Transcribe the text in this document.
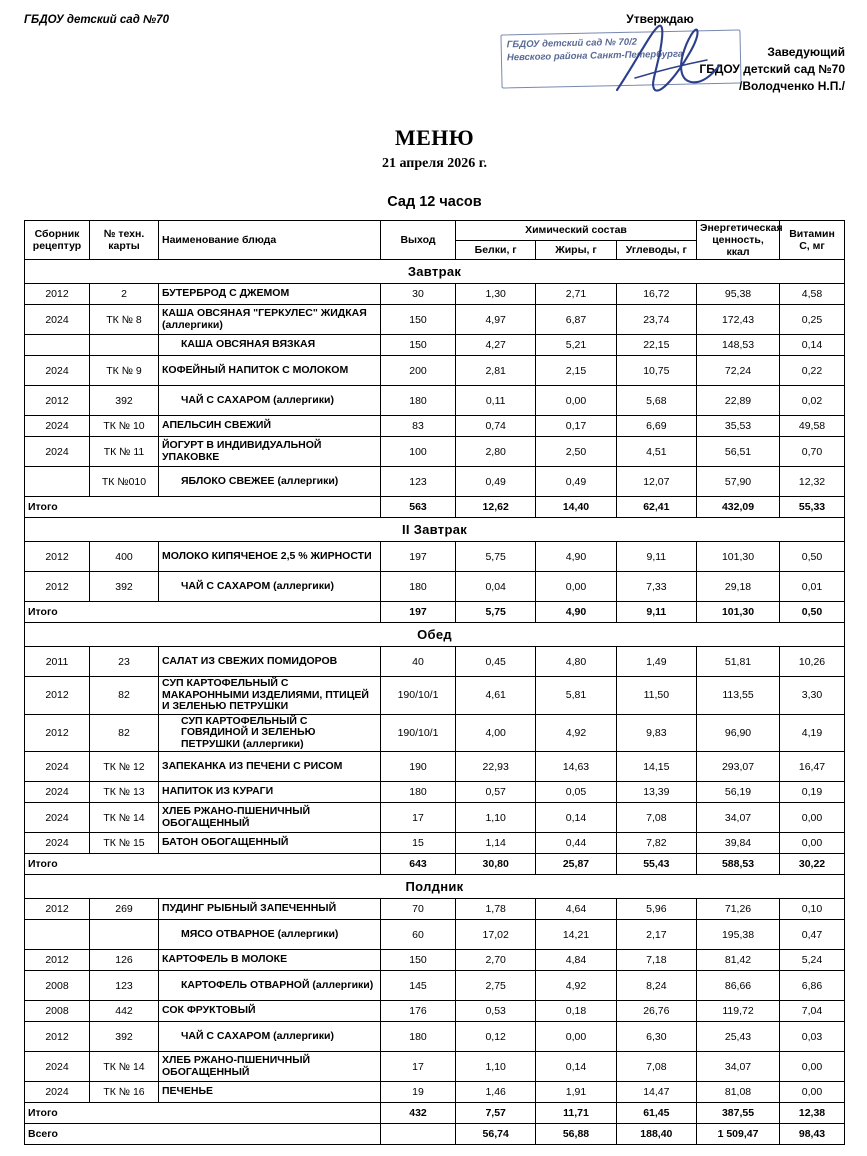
ГБДОУ детский сад №70	Утверждаю
Заведующий
ГБДОУ детский сад №70
/Володченко Н.П./
ГБДОУ детский сад № 70/2
Невского района Санкт-Петербурга
МЕНЮ
21 апреля 2026 г.
Сад 12 часов
Сборник рецептур	№ техн. карты	Наименование блюда	Выход	Химический состав			Энергетическая ценность, ккал	Витамин С, мг
				Белки, г	Жиры, г	Углеводы, г		
Завтрак								
2012	2	БУТЕРБРОД С ДЖЕМОМ	30	1,30	2,71	16,72	95,38	4,58
2024	ТК № 8	КАША ОВСЯНАЯ "ГЕРКУЛЕС" ЖИДКАЯ (аллергики)	150	4,97	6,87	23,74	172,43	0,25
		КАША ОВСЯНАЯ ВЯЗКАЯ	150	4,27	5,21	22,15	148,53	0,14
2024	ТК № 9	КОФЕЙНЫЙ НАПИТОК С МОЛОКОМ	200	2,81	2,15	10,75	72,24	0,22
2012	392	ЧАЙ С САХАРОМ (аллергики)	180	0,11	0,00	5,68	22,89	0,02
2024	ТК № 10	АПЕЛЬСИН СВЕЖИЙ	83	0,74	0,17	6,69	35,53	49,58
2024	ТК № 11	ЙОГУРТ В ИНДИВИДУАЛЬНОЙ УПАКОВКЕ	100	2,80	2,50	4,51	56,51	0,70
	ТК №010	ЯБЛОКО СВЕЖЕЕ (аллергики)	123	0,49	0,49	12,07	57,90	12,32
Итого			563	12,62	14,40	62,41	432,09	55,33
II Завтрак								
2012	400	МОЛОКО КИПЯЧЕНОЕ 2,5 % ЖИРНОСТИ	197	5,75	4,90	9,11	101,30	0,50
2012	392	ЧАЙ С САХАРОМ (аллергики)	180	0,04	0,00	7,33	29,18	0,01
Итого			197	5,75	4,90	9,11	101,30	0,50
Обед								
2011	23	САЛАТ ИЗ СВЕЖИХ ПОМИДОРОВ	40	0,45	4,80	1,49	51,81	10,26
2012	82	СУП КАРТОФЕЛЬНЫЙ С МАКАРОННЫМИ ИЗДЕЛИЯМИ, ПТИЦЕЙ И ЗЕЛЕНЬЮ ПЕТРУШКИ	190/10/1	4,61	5,81	11,50	113,55	3,30
2012	82	СУП КАРТОФЕЛЬНЫЙ С ГОВЯДИНОЙ И ЗЕЛЕНЬЮ ПЕТРУШКИ (аллергики)	190/10/1	4,00	4,92	9,83	96,90	4,19
2024	ТК № 12	ЗАПЕКАНКА ИЗ ПЕЧЕНИ С РИСОМ	190	22,93	14,63	14,15	293,07	16,47
2024	ТК № 13	НАПИТОК ИЗ КУРАГИ	180	0,57	0,05	13,39	56,19	0,19
2024	ТК № 14	ХЛЕБ РЖАНО-ПШЕНИЧНЫЙ ОБОГАЩЕННЫЙ	17	1,10	0,14	7,08	34,07	0,00
2024	ТК № 15	БАТОН ОБОГАЩЕННЫЙ	15	1,14	0,44	7,82	39,84	0,00
Итого			643	30,80	25,87	55,43	588,53	30,22
Полдник								
2012	269	ПУДИНГ РЫБНЫЙ ЗАПЕЧЕННЫЙ	70	1,78	4,64	5,96	71,26	0,10
		МЯСО ОТВАРНОЕ (аллергики)	60	17,02	14,21	2,17	195,38	0,47
2012	126	КАРТОФЕЛЬ В МОЛОКЕ	150	2,70	4,84	7,18	81,42	5,24
2008	123	КАРТОФЕЛЬ ОТВАРНОЙ (аллергики)	145	2,75	4,92	8,24	86,66	6,86
2008	442	СОК ФРУКТОВЫЙ	176	0,53	0,18	26,76	119,72	7,04
2012	392	ЧАЙ С САХАРОМ (аллергики)	180	0,12	0,00	6,30	25,43	0,03
2024	ТК № 14	ХЛЕБ РЖАНО-ПШЕНИЧНЫЙ ОБОГАЩЕННЫЙ	17	1,10	0,14	7,08	34,07	0,00
2024	ТК № 16	ПЕЧЕНЬЕ	19	1,46	1,91	14,47	81,08	0,00
Итого			432	7,57	11,71	61,45	387,55	12,38
Всего				56,74	56,88	188,40	1 509,47	98,43
